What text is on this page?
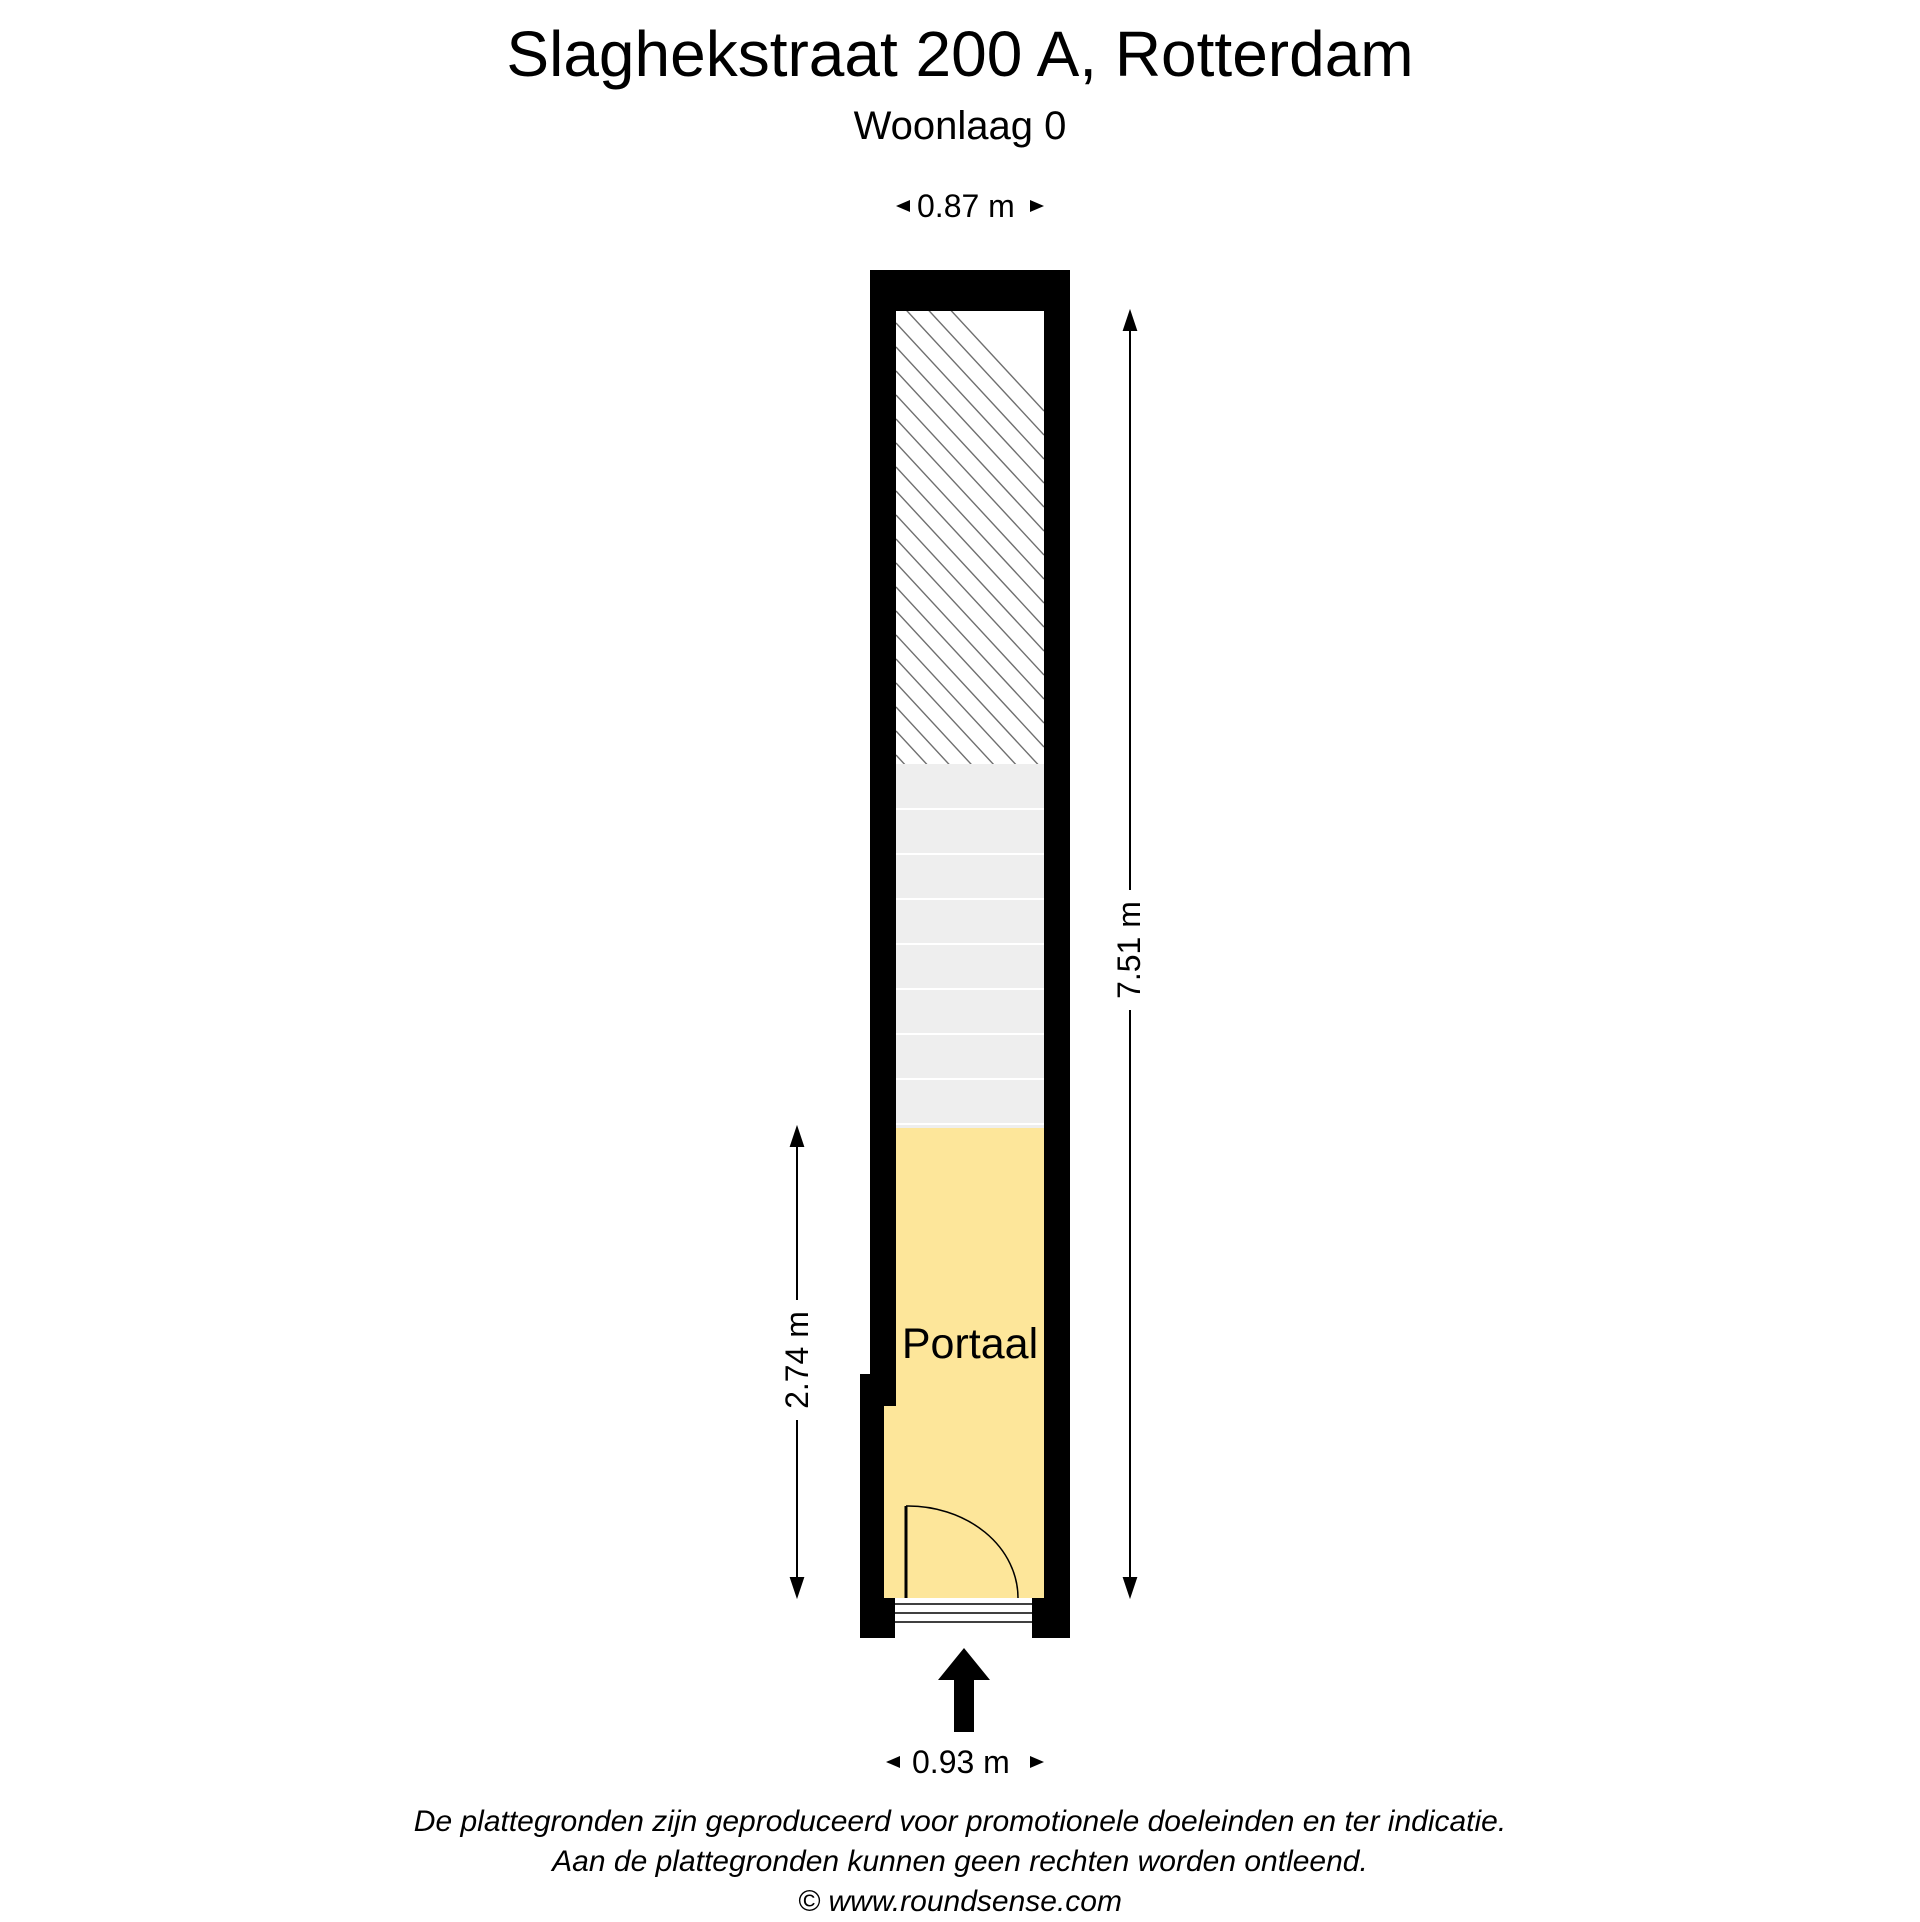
Slaghekstraat 200 A, Rotterdam
Woonlaag 0
0.87 m
7.51 m
2.74 m
0.93 m
Portaal
De plattegronden zijn geproduceerd voor promotionele doeleinden en ter indicatie.
Aan de plattegronden kunnen geen rechten worden ontleend.
© www.roundsense.com
